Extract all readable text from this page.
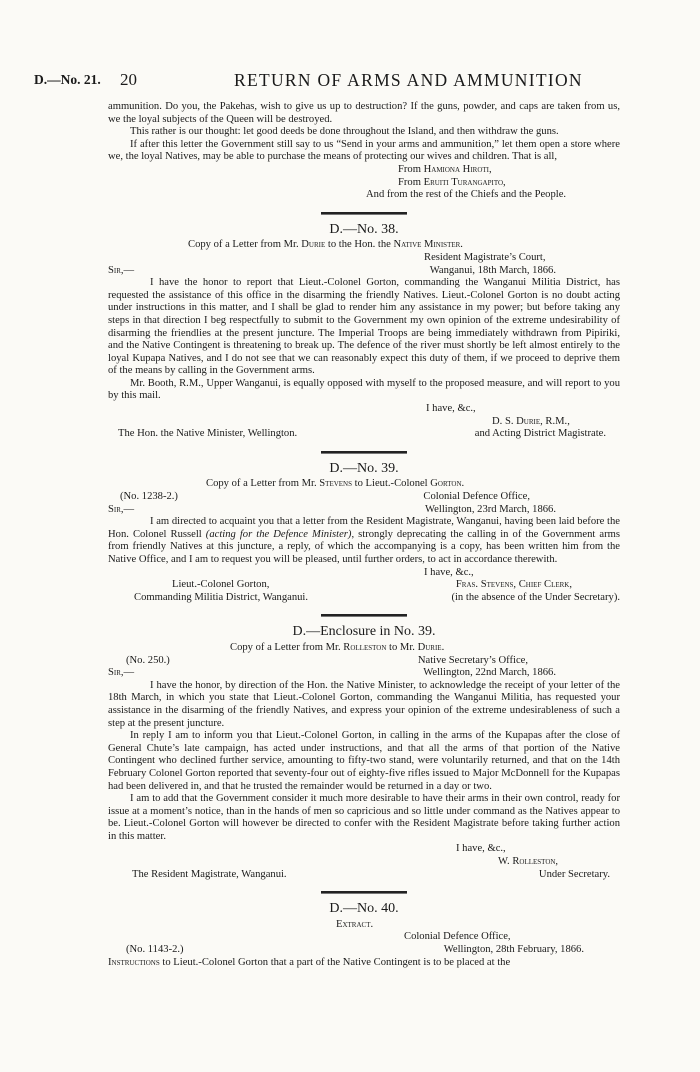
D.—No. 21. 20	RETURN OF ARMS AND AMMUNITION

ammunition. Do you, the Pakehas, wish to give us up to destruction? If the guns, powder, and caps are taken from us, we the loyal subjects of the Queen will be destroyed.

This rather is our thought: let good deeds be done throughout the Island, and then withdraw the guns.

If after this letter the Government still say to us “Send in your arms and ammunition,” let them open a store where we, the loyal Natives, may be able to purchase the means of protecting our wives and children. That is all,

From Hamiona Hiroti,

From Eruiti Turangapito,

And from the rest of the Chiefs and the People.

D.—No. 38.

Copy of a Letter from Mr. Durie to the Hon. the Native Minister.

Resident Magistrate’s Court,

Sir,—	Wanganui, 18th March, 1866.

I have the honor to report that Lieut.-Colonel Gorton, commanding the Wanganui Militia District, has requested the assistance of this office in the disarming the friendly Natives. Lieut.-Colonel Gorton is no doubt acting under instructions in this matter, and I shall be glad to render him any assistance in my power; but before taking any steps in that direction I beg respectfully to submit to the Government my own opinion of the extreme undesirability of disarming the friendlies at the present juncture. The Imperial Troops are being immediately withdrawn from Pipiriki, and the Native Contingent is threatening to break up. The defence of the river must shortly be left almost entirely to the loyal Kupapa Natives, and I do not see that we can reasonably expect this duty of them, if we proceed to deprive them of the means by calling in the Government arms.

Mr. Booth, R.M., Upper Wanganui, is equally opposed with myself to the proposed measure, and will report to you by this mail.

I have, &c.,

D. S. Durie, R.M.,

The Hon. the Native Minister, Wellington.	and Acting District Magistrate.

D.—No. 39.

Copy of a Letter from Mr. Stevens to Lieut.-Colonel Gorton.

(No. 1238-2.)	Colonial Defence Office,
Sir,—	Wellington, 23rd March, 1866.

I am directed to acquaint you that a letter from the Resident Magistrate, Wanganui, having been laid before the Hon. Colonel Russell (acting for the Defence Minister), strongly deprecating the calling in of the Government arms from friendly Natives at this juncture, a reply, of which the accompanying is a copy, has been written him from the Native Office, and I am to request you will be pleased, until further orders, to act in accordance therewith.

I have, &c.,

Lieut.-Colonel Gorton,	Fras. Stevens, Chief Clerk,
Commanding Militia District, Wanganui.	(in the absence of the Under Secretary).

D.—Enclosure in No. 39.

Copy of a Letter from Mr. Rolleston to Mr. Durie.

(No. 250.)	Native Secretary’s Office,
Sir,—	Wellington, 22nd March, 1866.

I have the honor, by direction of the Hon. the Native Minister, to acknowledge the receipt of your letter of the 18th March, in which you state that Lieut.-Colonel Gorton, commanding the Wanganui Militia, has requested your assistance in the disarming of the friendly Natives, and express your opinion of the extreme undesirableness of such a step at the present juncture.

In reply I am to inform you that Lieut.-Colonel Gorton, in calling in the arms of the Kupapas after the close of General Chute’s late campaign, has acted under instructions, and that all the arms of that portion of the Native Contingent who declined further service, amounting to fifty-two stand, were voluntarily returned, and that on the 14th February Colonel Gorton reported that seventy-four out of eighty-five rifles issued to Major McDonnell for the Kupapas had been delivered in, and that he trusted the remainder would be returned in a day or two.

I am to add that the Government consider it much more desirable to have their arms in their own control, ready for issue at a moment’s notice, than in the hands of men so capricious and so little under command as the Natives appear to be. Lieut.-Colonel Gorton will however be directed to confer with the Resident Magistrate before taking further action in this matter.

I have, &c.,

W. Rolleston,

The Resident Magistrate, Wanganui.	Under Secretary.

D.—No. 40.

Extract.

Colonial Defence Office,

(No. 1143-2.)	Wellington, 28th February, 1866.

Instructions to Lieut.-Colonel Gorton that a part of the Native Contingent is to be placed at the
